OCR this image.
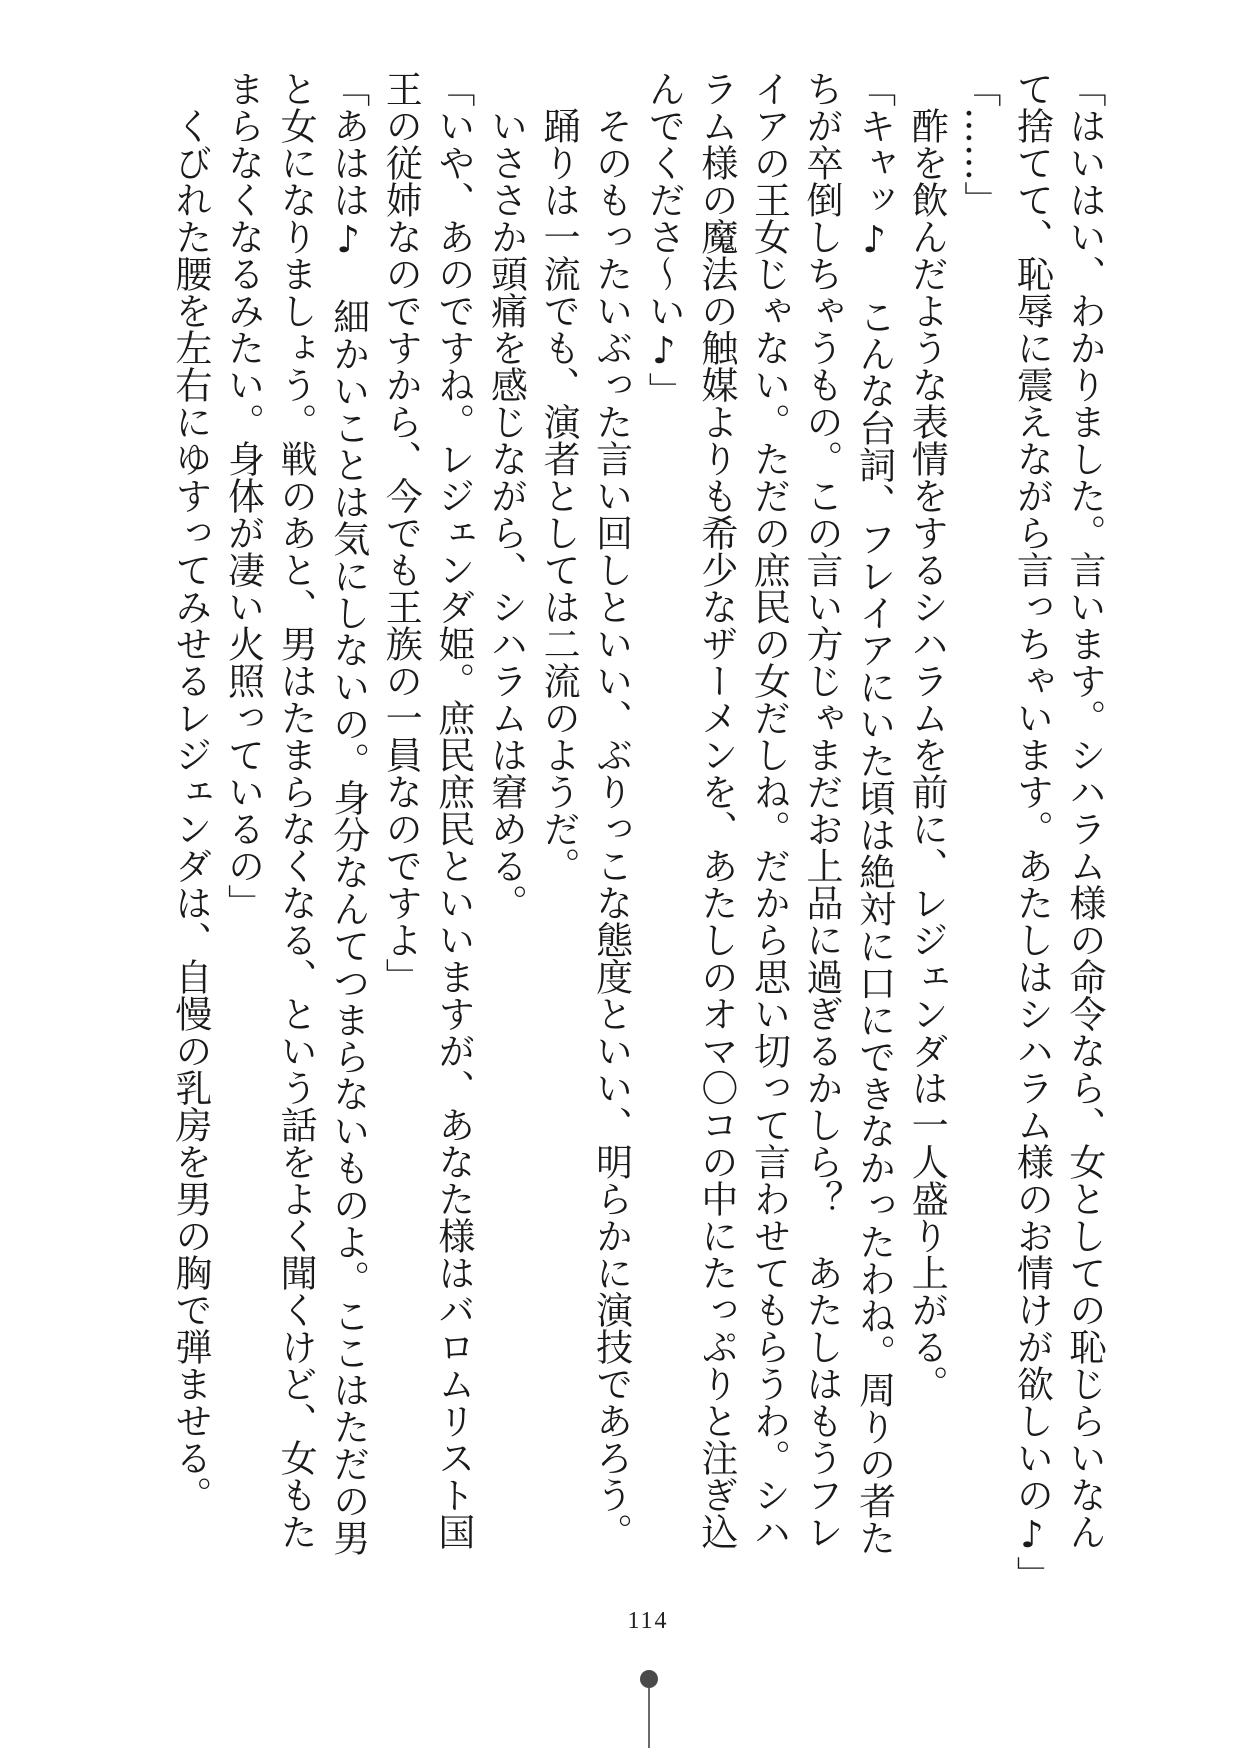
「はいはい、わかりました。言います。シハラム様の命令なら、女としての恥じらいなん
て捨てて、恥辱に震えながら言っちゃいます。あたしはシハラム様のお情けが欲しいの♪」
「……」
　酢を飲んだような表情をするシハラムを前に、レジェンダは一人盛り上がる。
「キャッ♪　こんな台詞、フレイアにいた頃は絶対に口にできなかったわね。周りの者た
ちが卒倒しちゃうもの。この言い方じゃまだお上品に過ぎるかしら？　あたしはもうフレ
イアの王女じゃない。ただの庶民の女だしね。だから思い切って言わせてもらうわ。シハ
ラム様の魔法の触媒よりも希少なザーメンを、あたしのオマ〇コの中にたっぷりと注ぎ込
んでくださ～い♪」
　そのもったいぶった言い回しといい、ぶりっこな態度といい、明らかに演技であろう。
　踊りは一流でも、演者としては二流のようだ。
　いささか頭痛を感じながら、シハラムは窘める。
「いや、あのですね。レジェンダ姫。庶民庶民といいますが、あなた様はバロムリスト国
王の従姉なのですから、今でも王族の一員なのですよ」
「あはは♪　細かいことは気にしないの。身分なんてつまらないものよ。ここはただの男
と女になりましょう。戦のあと、男はたまらなくなる、という話をよく聞くけど、女もた
まらなくなるみたい。身体が凄い火照っているの」
　くびれた腰を左右にゆすってみせるレジェンダは、自慢の乳房を男の胸で弾ませる。
114
